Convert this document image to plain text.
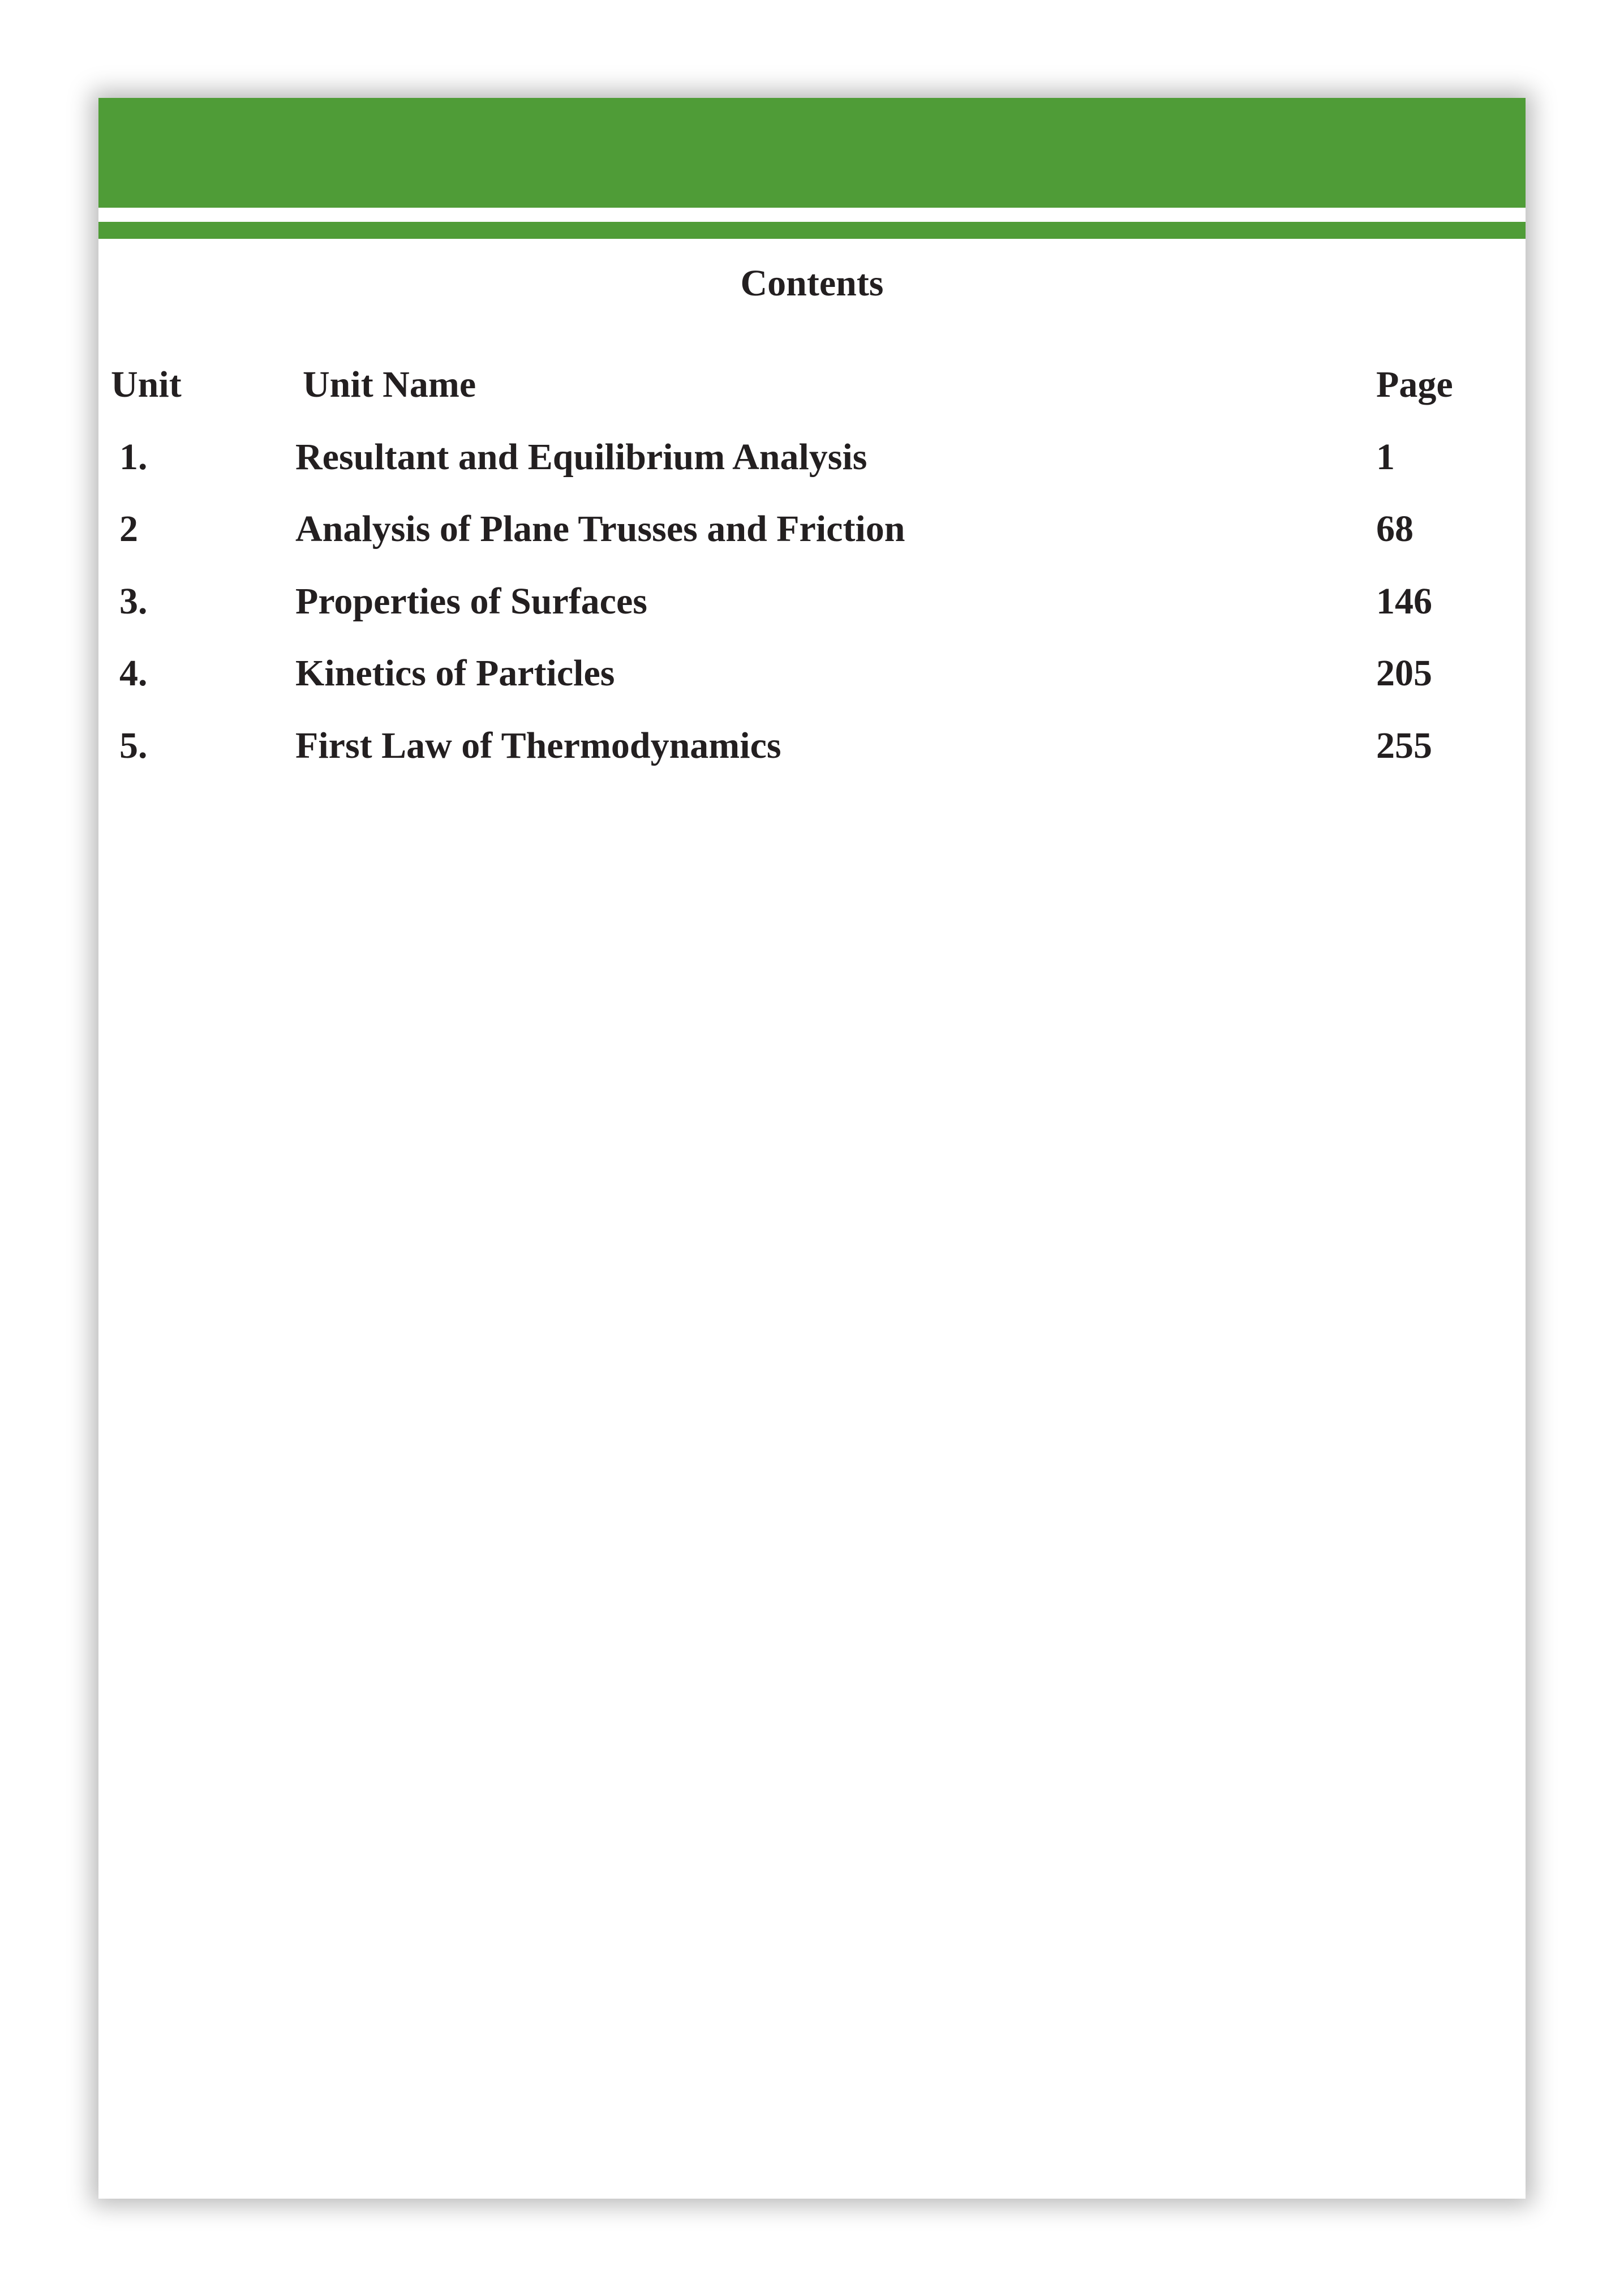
Contents
Unit	Unit Name	Page
1.	Resultant and Equilibrium Analysis	1
2	Analysis of Plane Trusses and Friction	68
3.	Properties of Surfaces	146
4.	Kinetics of Particles	205
5.	First Law of Thermodynamics	255
